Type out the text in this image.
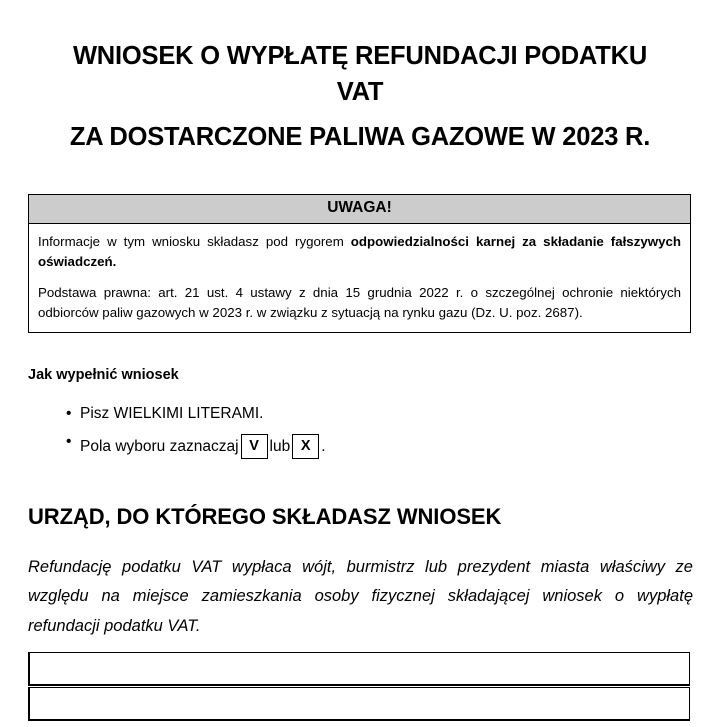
WNIOSEK O WYPŁATĘ REFUNDACJI PODATKU
VAT
ZA DOSTARCZONE PALIWA GAZOWE W 2023 R.
UWAGA!

Informacje w tym wniosku składasz pod rygorem odpowiedzialności karnej za składanie fałszywych oświadczeń.

Podstawa prawna: art. 21 ust. 4 ustawy z dnia 15 grudnia 2022 r. o szczególnej ochronie niektórych odbiorców paliw gazowych w 2023 r. w związku z sytuacją na rynku gazu (Dz. U. poz. 2687).

Jak wypełnić wniosek
• Pisz WIELKIMI LITERAMI.
• Pola wyboru zaznaczaj V lub X .
URZĄD, DO KTÓREGO SKŁADASZ WNIOSEK

Refundację podatku VAT wypłaca wójt, burmistrz lub prezydent miasta właściwy ze względu na miejsce zamieszkania osoby fizycznej składającej wniosek o wypłatę refundacji podatku VAT.
